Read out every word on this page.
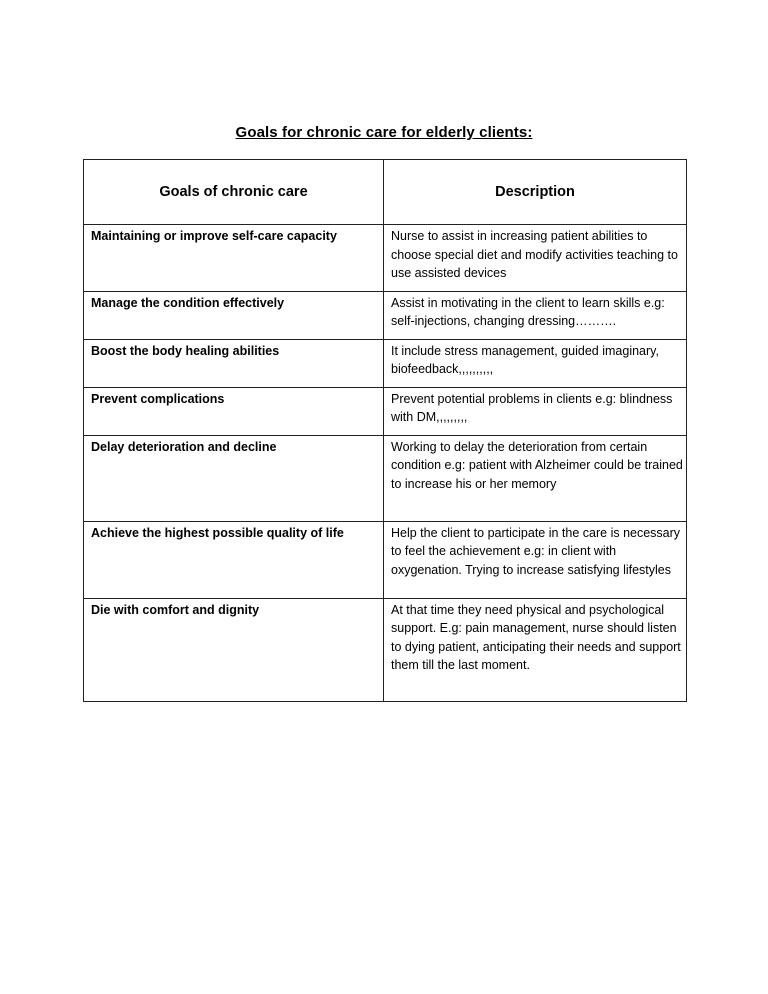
Goals for chronic care for elderly clients:
Goals of chronic care	Description
Maintaining or improve self-care capacity	Nurse to assist in increasing patient abilities to choose special diet and modify activities teaching to use assisted devices
Manage the condition effectively	Assist in motivating in the client to learn skills e.g: self-injections, changing dressing……….
Boost the body healing abilities	It include stress management, guided imaginary, biofeedback,,,,,,,,,,
Prevent complications	Prevent potential problems in clients e.g: blindness with DM,,,,,,,,,
Delay deterioration and decline	Working to delay the deterioration from certain condition e.g: patient with Alzheimer could be trained to increase his or her memory
Achieve the highest possible quality of life	Help the client to participate in the care is necessary to feel the achievement e.g: in client with oxygenation. Trying to increase satisfying lifestyles
Die with comfort and dignity	At that time they need physical and psychological support. E.g: pain management, nurse should listen to dying patient, anticipating their needs and support them till the last moment.
